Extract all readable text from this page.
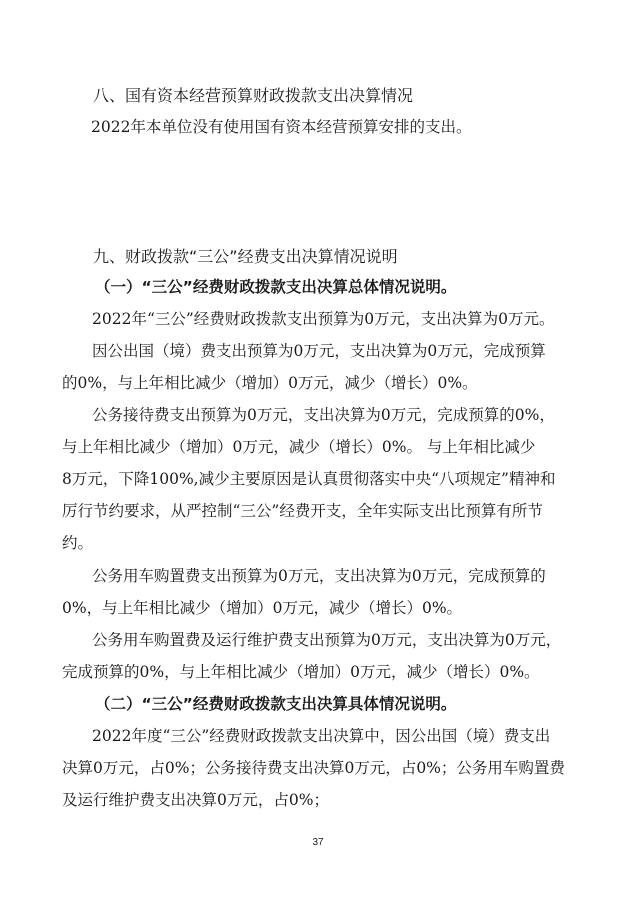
八、国有资本经营预算财政拨款支出决算情况
2022年本单位没有使用国有资本经营预算安排的支出。
九、财政拨款“三公”经费支出决算情况说明
（一）“三公”经费财政拨款支出决算总体情况说明。
2022年“三公”经费财政拨款支出预算为0万元，支出决算为0万元。
因公出国（境）费支出预算为0万元，支出决算为0万元，完成预算
的0%，与上年相比减少（增加）0万元，减少（增长）0%。
公务接待费支出预算为0万元，支出决算为0万元，完成预算的0%，
与上年相比减少（增加）0万元，减少（增长）0%。 与上年相比减少
8万元，下降100%,减少主要原因是认真贯彻落实中央“八项规定”精神和
厉行节约要求，从严控制“三公”经费开支，全年实际支出比预算有所节
约。
公务用车购置费支出预算为0万元，支出决算为0万元，完成预算的
0%，与上年相比减少（增加）0万元，减少（增长）0%。
公务用车购置费及运行维护费支出预算为0万元，支出决算为0万元，
完成预算的0%，与上年相比减少（增加）0万元，减少（增长）0%。
（二）“三公”经费财政拨款支出决算具体情况说明。
2022年度“三公”经费财政拨款支出决算中，因公出国（境）费支出
决算0万元，占0%；公务接待费支出决算0万元，占0%；公务用车购置费
及运行维护费支出决算0万元，占0%；
37
